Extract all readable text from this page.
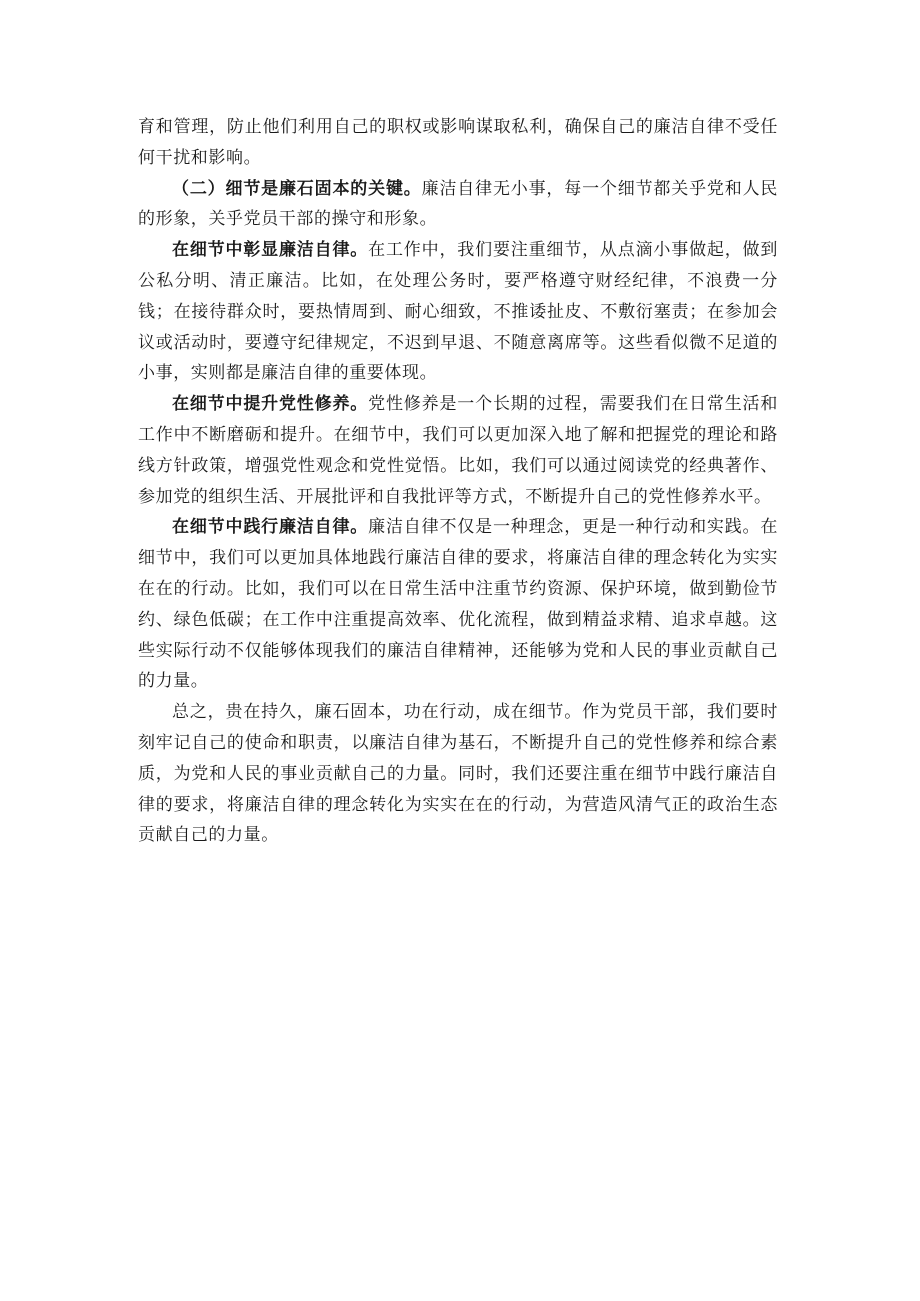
育和管理，防止他们利用自己的职权或影响谋取私利，确保自己的廉洁自律不受任何干扰和影响。

（二）细节是廉石固本的关键。廉洁自律无小事，每一个细节都关乎党和人民的形象，关乎党员干部的操守和形象。

在细节中彰显廉洁自律。在工作中，我们要注重细节，从点滴小事做起，做到公私分明、清正廉洁。比如，在处理公务时，要严格遵守财经纪律，不浪费一分钱；在接待群众时，要热情周到、耐心细致，不推诿扯皮、不敷衍塞责；在参加会议或活动时，要遵守纪律规定，不迟到早退、不随意离席等。这些看似微不足道的小事，实则都是廉洁自律的重要体现。

在细节中提升党性修养。党性修养是一个长期的过程，需要我们在日常生活和工作中不断磨砺和提升。在细节中，我们可以更加深入地了解和把握党的理论和路线方针政策，增强党性观念和党性觉悟。比如，我们可以通过阅读党的经典著作、参加党的组织生活、开展批评和自我批评等方式，不断提升自己的党性修养水平。

在细节中践行廉洁自律。廉洁自律不仅是一种理念，更是一种行动和实践。在细节中，我们可以更加具体地践行廉洁自律的要求，将廉洁自律的理念转化为实实在在的行动。比如，我们可以在日常生活中注重节约资源、保护环境，做到勤俭节约、绿色低碳；在工作中注重提高效率、优化流程，做到精益求精、追求卓越。这些实际行动不仅能够体现我们的廉洁自律精神，还能够为党和人民的事业贡献自己的力量。

总之，贵在持久，廉石固本，功在行动，成在细节。作为党员干部，我们要时刻牢记自己的使命和职责，以廉洁自律为基石，不断提升自己的党性修养和综合素质，为党和人民的事业贡献自己的力量。同时，我们还要注重在细节中践行廉洁自律的要求，将廉洁自律的理念转化为实实在在的行动，为营造风清气正的政治生态贡献自己的力量。
